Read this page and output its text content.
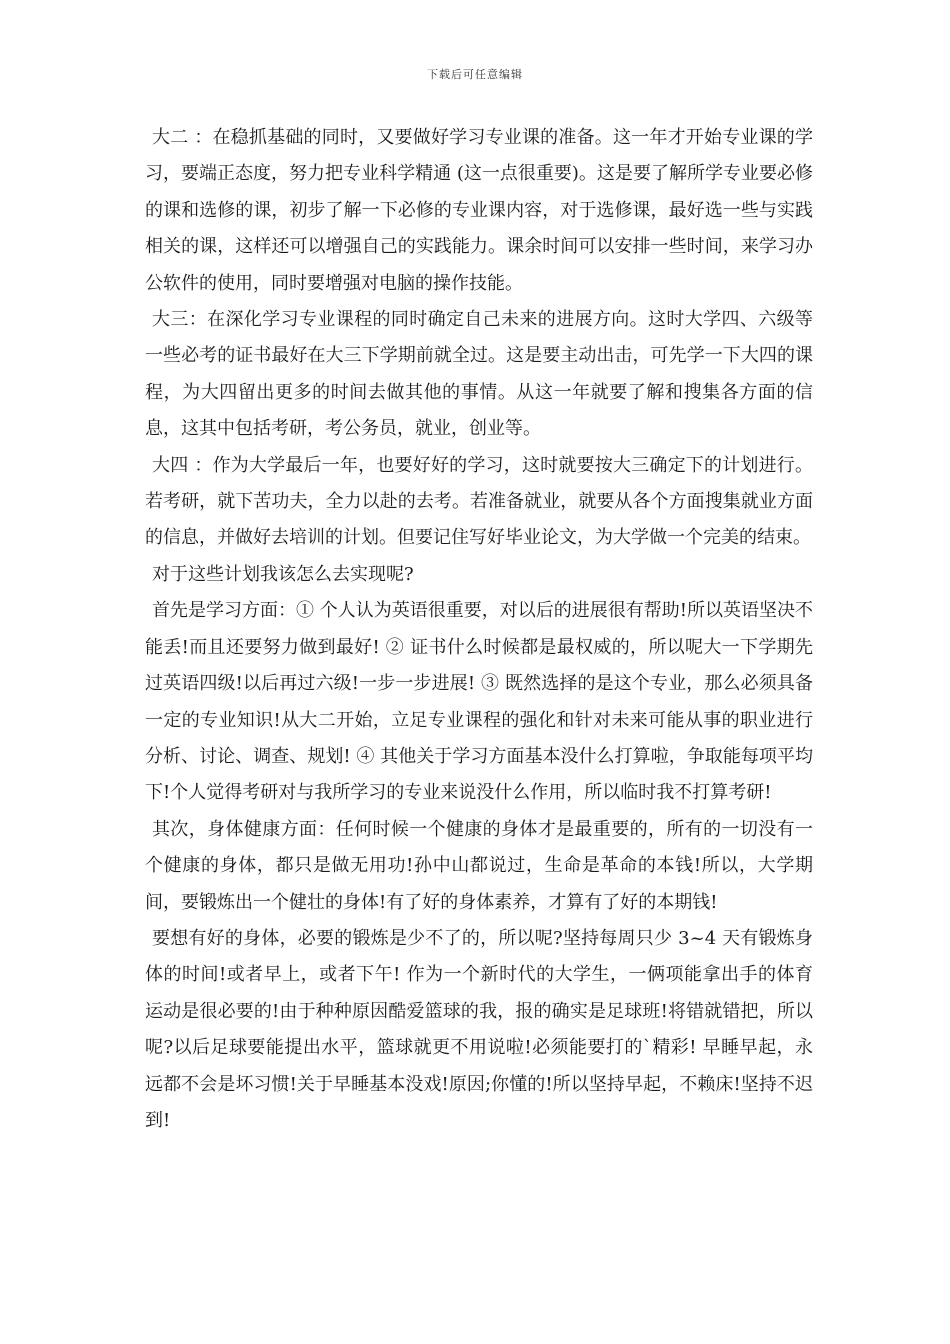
下载后可任意编辑

大二 ：在稳抓基础的同时，又要做好学习专业课的准备。这一年才开始专业课的学习，要端正态度，努力把专业科学精通 (这一点很重要)。这是要了解所学专业要必修的课和选修的课，初步了解一下必修的专业课内容，对于选修课，最好选一些与实践相关的课，这样还可以增强自己的实践能力。课余时间可以安排一些时间，来学习办公软件的使用，同时要增强对电脑的操作技能。

大三：在深化学习专业课程的同时确定自己未来的进展方向。这时大学四、六级等一些必考的证书最好在大三下学期前就全过。这是要主动出击，可先学一下大四的课程，为大四留出更多的时间去做其他的事情。从这一年就要了解和搜集各方面的信息，这其中包括考研，考公务员，就业，创业等。

大四 ：作为大学最后一年，也要好好的学习，这时就要按大三确定下的计划进行。若考研，就下苦功夫，全力以赴的去考。若准备就业，就要从各个方面搜集就业方面的信息，并做好去培训的计划。但要记住写好毕业论文，为大学做一个完美的结束。

对于这些计划我该怎么去实现呢?

首先是学习方面：① 个人认为英语很重要，对以后的进展很有帮助!所以英语坚决不能丢!而且还要努力做到最好! ② 证书什么时候都是最权威的，所以呢大一下学期先过英语四级!以后再过六级!一步一步进展! ③ 既然选择的是这个专业，那么必须具备一定的专业知识!从大二开始，立足专业课程的强化和针对未来可能从事的职业进行分析、讨论、调查、规划! ④ 其他关于学习方面基本没什么打算啦，争取能每项平均下!个人觉得考研对与我所学习的专业来说没什么作用，所以临时我不打算考研!

其次，身体健康方面：任何时候一个健康的身体才是最重要的，所有的一切没有一个健康的身体，都只是做无用功!孙中山都说过，生命是革命的本钱!所以，大学期间，要锻炼出一个健壮的身体!有了好的身体素养，才算有了好的本期钱!

要想有好的身体，必要的锻炼是少不了的，所以呢?坚持每周只少 3~4 天有锻炼身体的时间!或者早上，或者下午! 作为一个新时代的大学生，一俩项能拿出手的体育运动是很必要的!由于种种原因酷爱篮球的我，报的确实是足球班!将错就错把，所以呢?以后足球要能提出水平，篮球就更不用说啦!必须能要打的`精彩! 早睡早起，永远都不会是坏习惯!关于早睡基本没戏!原因;你懂的!所以坚持早起，不赖床!坚持不迟到!
